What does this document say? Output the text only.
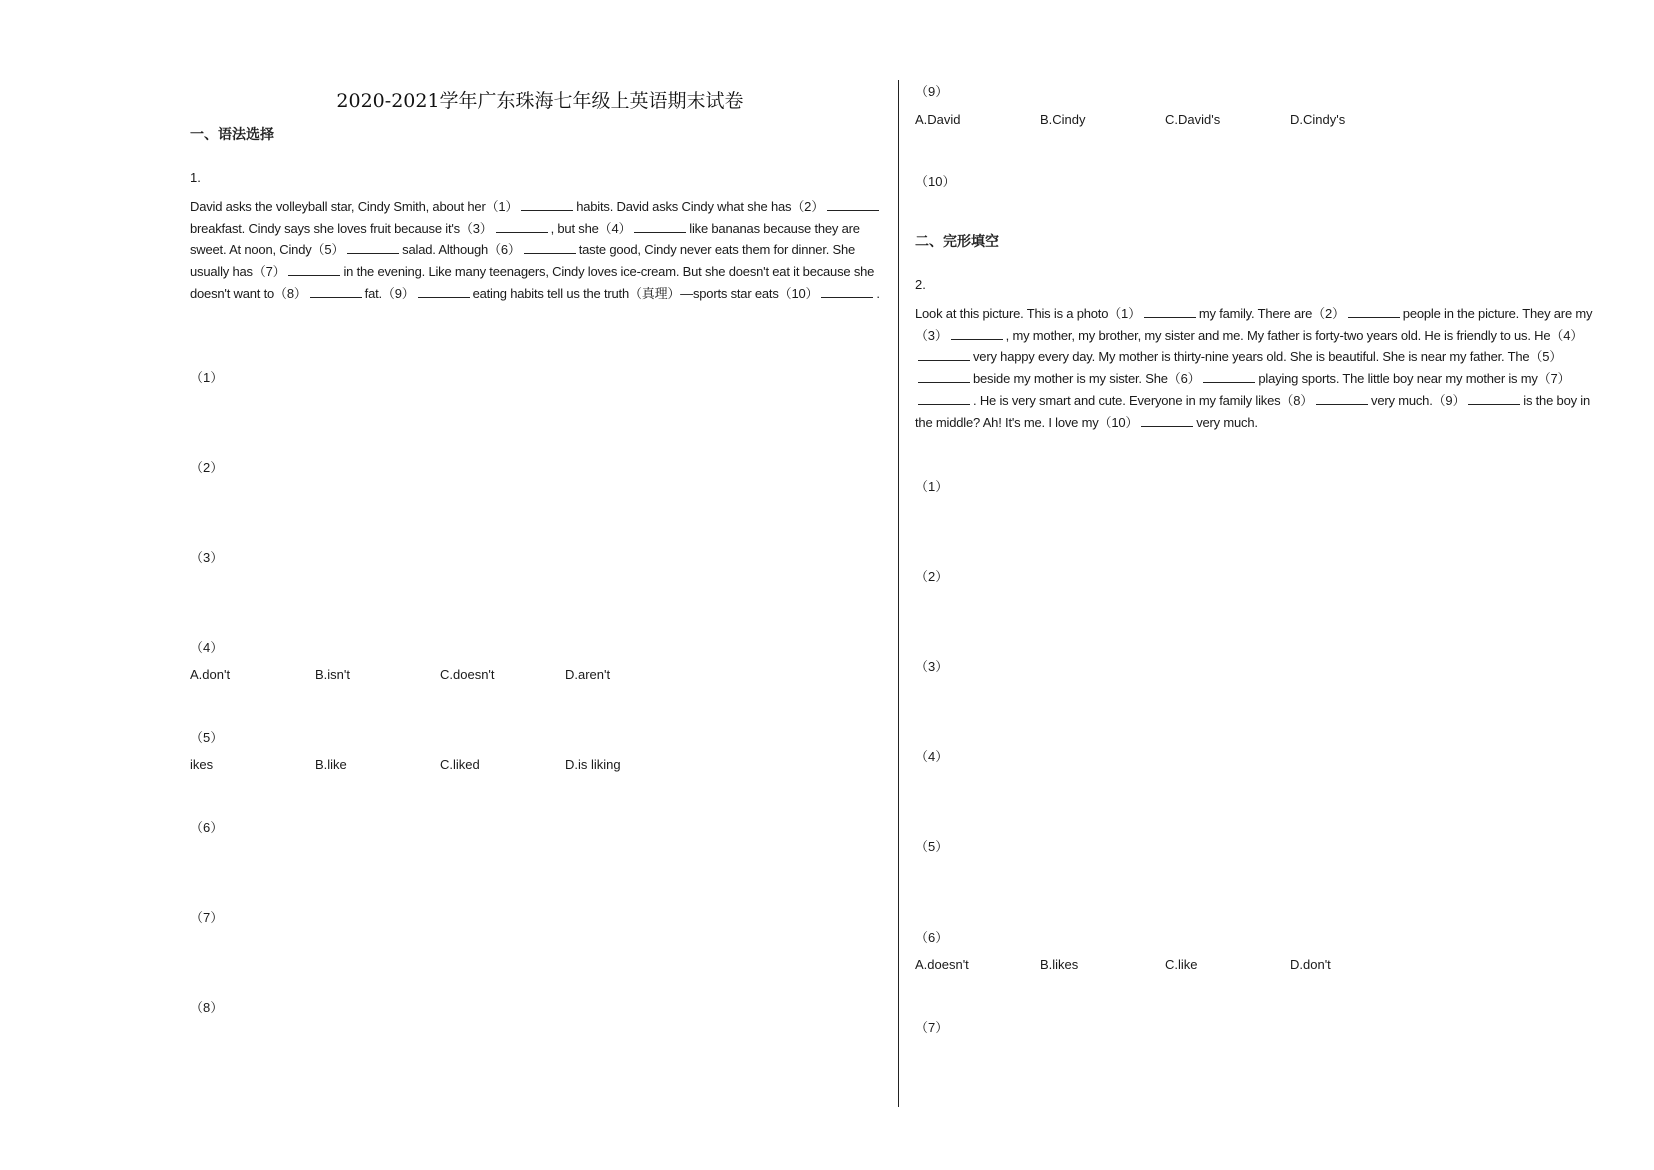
2020-2021学年广东珠海七年级上英语期末试卷
一、语法选择
1.
David asks the volleyball star, Cindy Smith, about her（1）	habits. David asks Cindy what she has（2）breakfast. Cindy says she loves fruit because it's（3）	, but she（4）	like bananas because they are sweet. At noon, Cindy（5）	salad. Although（6）	taste good, Cindy never eats them for dinner. She usually has（7）	in the evening. Like many teenagers, Cindy loves ice-cream. But she doesn't eat it because she doesn't want to（8）	fat.（9）	eating habits tell us the truth（真理）—sports star eats（10）	.
（1）
（2）
（3）
（4）
A.don't	B.isn't	C.doesn't	D.aren't
（5）
ikes	B.like	C.liked	D.is liking
（6）
（7）
（8）
（9）
A.David	B.Cindy	C.David's	D.Cindy's
（10）
二、完形填空
2.
Look at this picture. This is a photo（1）	my family. There are（2）	people in the picture. They are my（3）	, my mother, my brother, my sister and me. My father is forty-two years old. He is friendly to us. He（4）very happy every day. My mother is thirty-nine years old. She is beautiful. She is near my father. The（5）beside my mother is my sister. She（6）	playing sports. The little boy near my mother is my（7）. He is very smart and cute. Everyone in my family likes（8）	very much.（9）	is the boy in the middle? Ah! It's me. I love my（10）	very much.
（1）
（2）
（3）
（4）
（5）
（6）
A.doesn't	B.likes	C.like	D.don't
（7）
